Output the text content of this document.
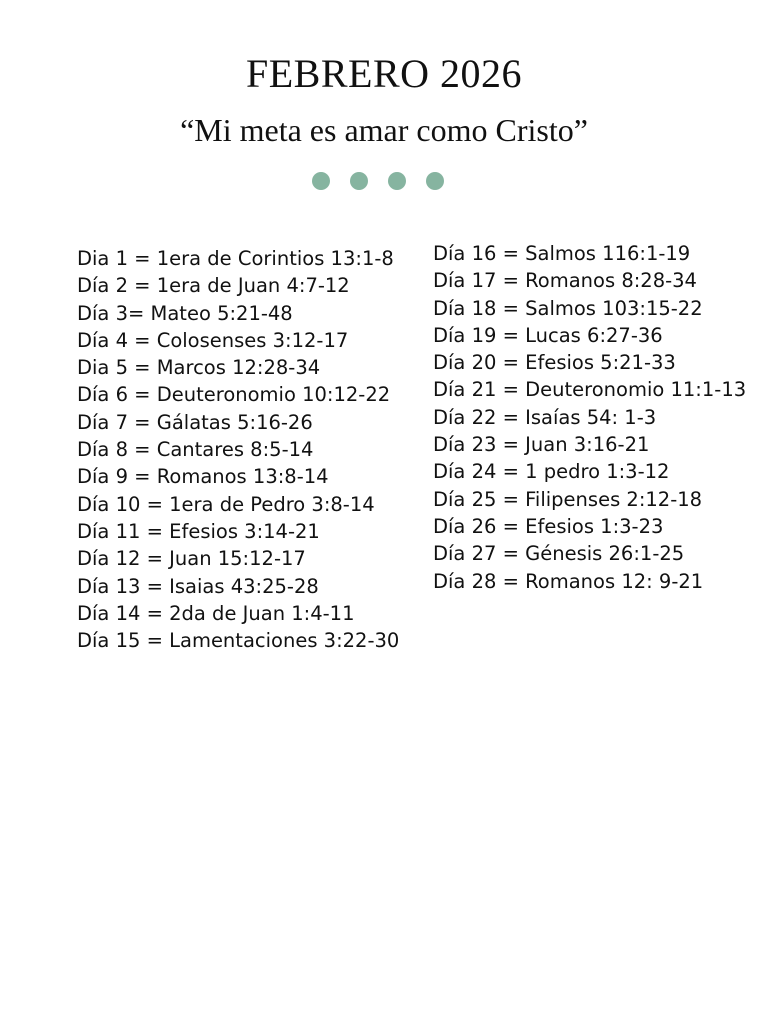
FEBRERO 2026
“Mi meta es amar como Cristo”
Dia 1 = 1era de Corintios 13:1-8
Día 2 = 1era de Juan 4:7-12
Día 3= Mateo 5:21-48
Día 4 = Colosenses 3:12-17
Dia 5 = Marcos 12:28-34
Día 6 = Deuteronomio 10:12-22
Día 7 = Gálatas 5:16-26
Día 8 = Cantares 8:5-14
Día 9 = Romanos 13:8-14
Día 10 = 1era de Pedro 3:8-14
Día 11 = Efesios 3:14-21
Día 12 = Juan 15:12-17
Día 13 = Isaias 43:25-28
Día 14 = 2da de Juan 1:4-11
Día 15 = Lamentaciones 3:22-30
Día 16 = Salmos 116:1-19
Día 17 = Romanos 8:28-34
Día 18 = Salmos 103:15-22
Día 19 = Lucas 6:27-36
Día 20 = Efesios 5:21-33
Día 21 = Deuteronomio 11:1-13
Día 22 = Isaías 54: 1-3
Día 23 = Juan 3:16-21
Día 24 = 1 pedro 1:3-12
Día 25 = Filipenses 2:12-18
Día 26 = Efesios 1:3-23
Día 27 = Génesis 26:1-25
Día 28 = Romanos 12: 9-21
